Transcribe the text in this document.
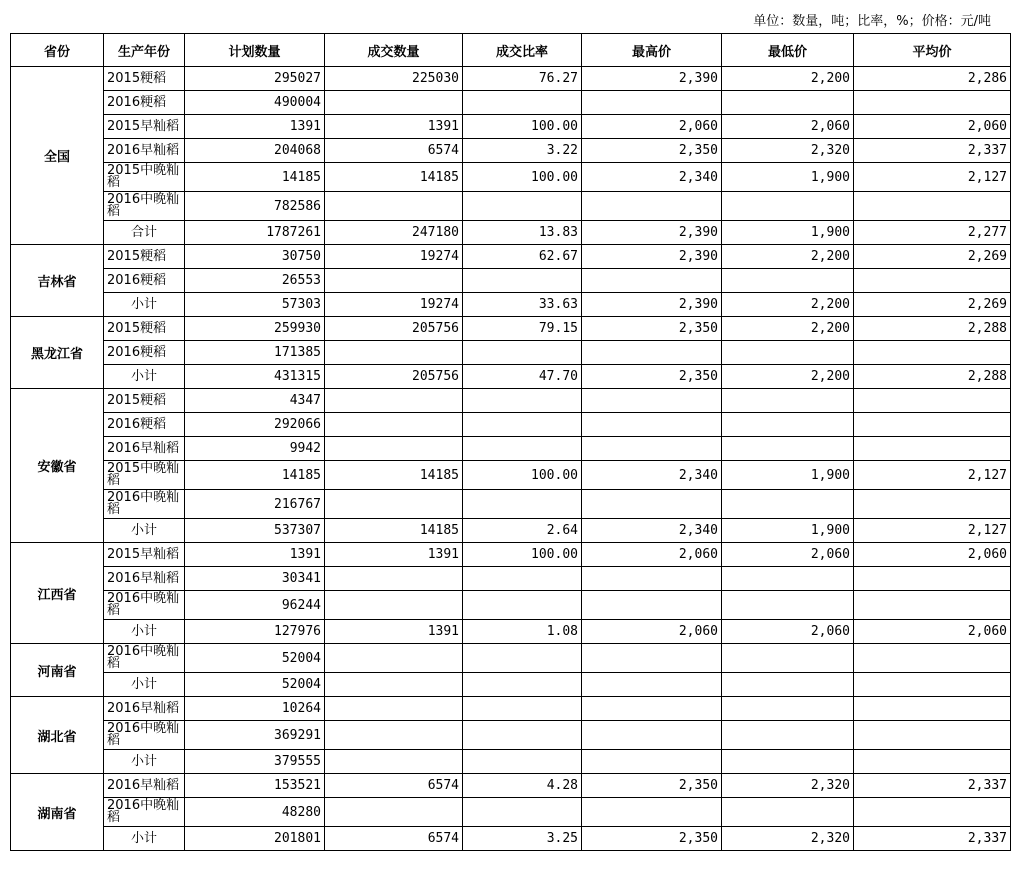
单位：数量，吨；比率，%；价格：元/吨
省份	生产年份	计划数量	成交数量	成交比率	最高价	最低价	平均价
全国	2015粳稻	295027	225030	76.27	2,390	2,200	2,286
	2016粳稻	490004					
	2015早籼稻	1391	1391	100.00	2,060	2,060	2,060
	2016早籼稻	204068	6574	3.22	2,350	2,320	2,337
	2015中晚籼稻	14185	14185	100.00	2,340	1,900	2,127
	2016中晚籼稻	782586					
	合计	1787261	247180	13.83	2,390	1,900	2,277
吉林省	2015粳稻	30750	19274	62.67	2,390	2,200	2,269
	2016粳稻	26553					
	小计	57303	19274	33.63	2,390	2,200	2,269
黑龙江省	2015粳稻	259930	205756	79.15	2,350	2,200	2,288
	2016粳稻	171385					
	小计	431315	205756	47.70	2,350	2,200	2,288
安徽省	2015粳稻	4347					
	2016粳稻	292066					
	2016早籼稻	9942					
	2015中晚籼稻	14185	14185	100.00	2,340	1,900	2,127
	2016中晚籼稻	216767					
	小计	537307	14185	2.64	2,340	1,900	2,127
江西省	2015早籼稻	1391	1391	100.00	2,060	2,060	2,060
	2016早籼稻	30341					
	2016中晚籼稻	96244					
	小计	127976	1391	1.08	2,060	2,060	2,060
河南省	2016中晚籼稻	52004					
	小计	52004					
湖北省	2016早籼稻	10264					
	2016中晚籼稻	369291					
	小计	379555					
湖南省	2016早籼稻	153521	6574	4.28	2,350	2,320	2,337
	2016中晚籼稻	48280					
	小计	201801	6574	3.25	2,350	2,320	2,337
